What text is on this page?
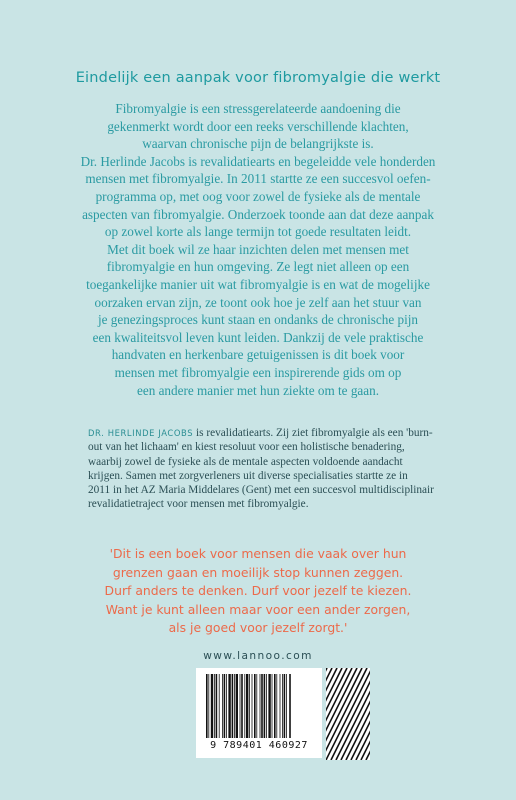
Eindelijk een aanpak voor fibromyalgie die werkt
Fibromyalgie is een stressgerelateerde aandoening die
gekenmerkt wordt door een reeks verschillende klachten,
waarvan chronische pijn de belangrijkste is.
Dr. Herlinde Jacobs is revalidatiearts en begeleidde vele honderden
mensen met fibromyalgie. In 2011 startte ze een succesvol oefen-
programma op, met oog voor zowel de fysieke als de mentale
aspecten van fibromyalgie. Onderzoek toonde aan dat deze aanpak
op zowel korte als lange termijn tot goede resultaten leidt.
Met dit boek wil ze haar inzichten delen met mensen met
fibromyalgie en hun omgeving. Ze legt niet alleen op een
toegankelijke manier uit wat fibromyalgie is en wat de mogelijke
oorzaken ervan zijn, ze toont ook hoe je zelf aan het stuur van
je genezingsproces kunt staan en ondanks de chronische pijn
een kwaliteitsvol leven kunt leiden. Dankzij de vele praktische
handvaten en herkenbare getuigenissen is dit boek voor
mensen met fibromyalgie een inspirerende gids om op
een andere manier met hun ziekte om te gaan.
DR. HERLINDE JACOBS is revalidatiearts. Zij ziet fibromyalgie als een 'burn-
out van het lichaam' en kiest resoluut voor een holistische benadering,
waarbij zowel de fysieke als de mentale aspecten voldoende aandacht
krijgen. Samen met zorgverleners uit diverse specialisaties startte ze in
2011 in het AZ Maria Middelares (Gent) met een succesvol multidisciplinair
revalidatietraject voor mensen met fibromyalgie.
'Dit is een boek voor mensen die vaak over hun
grenzen gaan en moeilijk stop kunnen zeggen.
Durf anders te denken. Durf voor jezelf te kiezen.
Want je kunt alleen maar voor een ander zorgen,
als je goed voor jezelf zorgt.'
www.lannoo.com
9 789401 460927
